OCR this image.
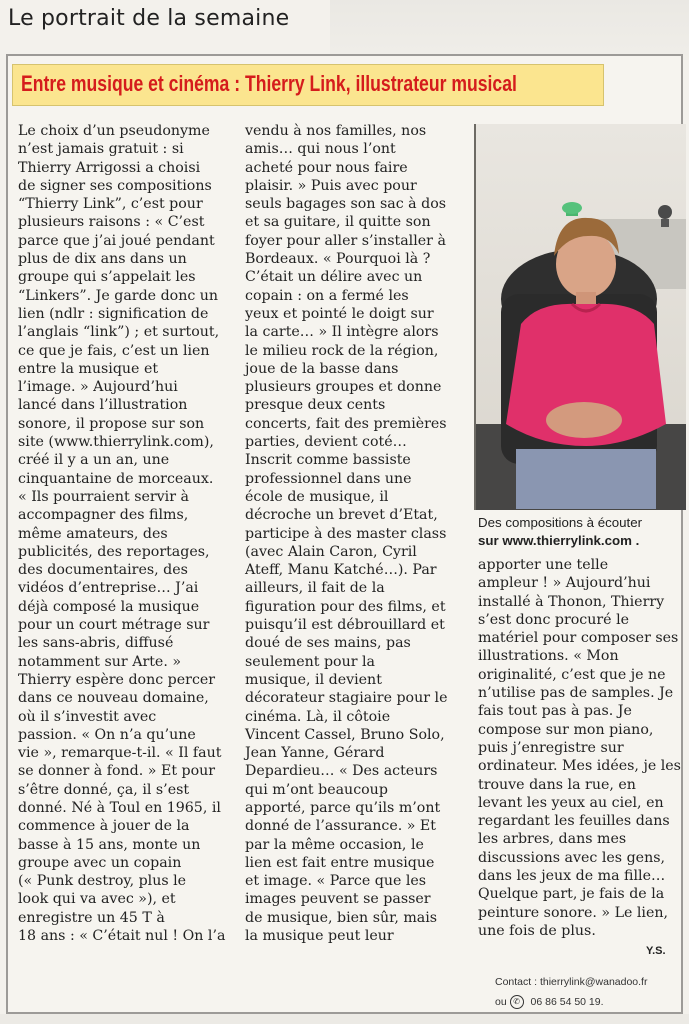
Le portrait de la semaine
Entre musique et cinéma : Thierry Link, illustrateur musical
Le choix d’un pseudonyme
n’est jamais gratuit : si
Thierry Arrigossi a choisi
de signer ses compositions
“Thierry Link”, c’est pour
plusieurs raisons : « C’est
parce que j’ai joué pendant
plus de dix ans dans un
groupe qui s’appelait les
“Linkers”. Je garde donc un
lien (ndlr : signification de
l’anglais “link”) ; et surtout,
ce que je fais, c’est un lien
entre la musique et
l’image. » Aujourd’hui
lancé dans l’illustration
sonore, il propose sur son
site (www.thierrylink.com),
créé il y a un an, une
cinquantaine de morceaux.
« Ils pourraient servir à
accompagner des films,
même amateurs, des
publicités, des reportages,
des documentaires, des
vidéos d’entreprise… J’ai
déjà composé la musique
pour un court métrage sur
les sans-abris, diffusé
notamment sur Arte. »
Thierry espère donc percer
dans ce nouveau domaine,
où il s’investit avec
passion. « On n’a qu’une
vie », remarque-t-il. « Il faut
se donner à fond. » Et pour
s’être donné, ça, il s’est
donné. Né à Toul en 1965, il
commence à jouer de la
basse à 15 ans, monte un
groupe avec un copain
(« Punk destroy, plus le
look qui va avec »), et
enregistre un 45 T à
18 ans : « C’était nul ! On l’a
vendu à nos familles, nos
amis… qui nous l’ont
acheté pour nous faire
plaisir. » Puis avec pour
seuls bagages son sac à dos
et sa guitare, il quitte son
foyer pour aller s’installer à
Bordeaux. « Pourquoi là ?
C’était un délire avec un
copain : on a fermé les
yeux et pointé le doigt sur
la carte… » Il intègre alors
le milieu rock de la région,
joue de la basse dans
plusieurs groupes et donne
presque deux cents
concerts, fait des premières
parties, devient coté…
Inscrit comme bassiste
professionnel dans une
école de musique, il
décroche un brevet d’Etat,
participe à des master class
(avec Alain Caron, Cyril
Ateff, Manu Katché…). Par
ailleurs, il fait de la
figuration pour des films, et
puisqu’il est débrouillard et
doué de ses mains, pas
seulement pour la
musique, il devient
décorateur stagiaire pour le
cinéma. Là, il côtoie
Vincent Cassel, Bruno Solo,
Jean Yanne, Gérard
Depardieu… « Des acteurs
qui m’ont beaucoup
apporté, parce qu’ils m’ont
donné de l’assurance. » Et
par la même occasion, le
lien est fait entre musique
et image. « Parce que les
images peuvent se passer
de musique, bien sûr, mais
la musique peut leur
Des compositions à écouter
sur www.thierrylink.com .
apporter une telle
ampleur ! » Aujourd’hui
installé à Thonon, Thierry
s’est donc procuré le
matériel pour composer ses
illustrations. « Mon
originalité, c’est que je ne
n’utilise pas de samples. Je
fais tout pas à pas. Je
compose sur mon piano,
puis j’enregistre sur
ordinateur. Mes idées, je les
trouve dans la rue, en
levant les yeux au ciel, en
regardant les feuilles dans
les arbres, dans mes
discussions avec les gens,
dans les jeux de ma fille…
Quelque part, je fais de la
peinture sonore. » Le lien,
une fois de plus.
Y.S.
Contact : thierrylink@wanadoo.fr
ou ✆ 06 86 54 50 19.
